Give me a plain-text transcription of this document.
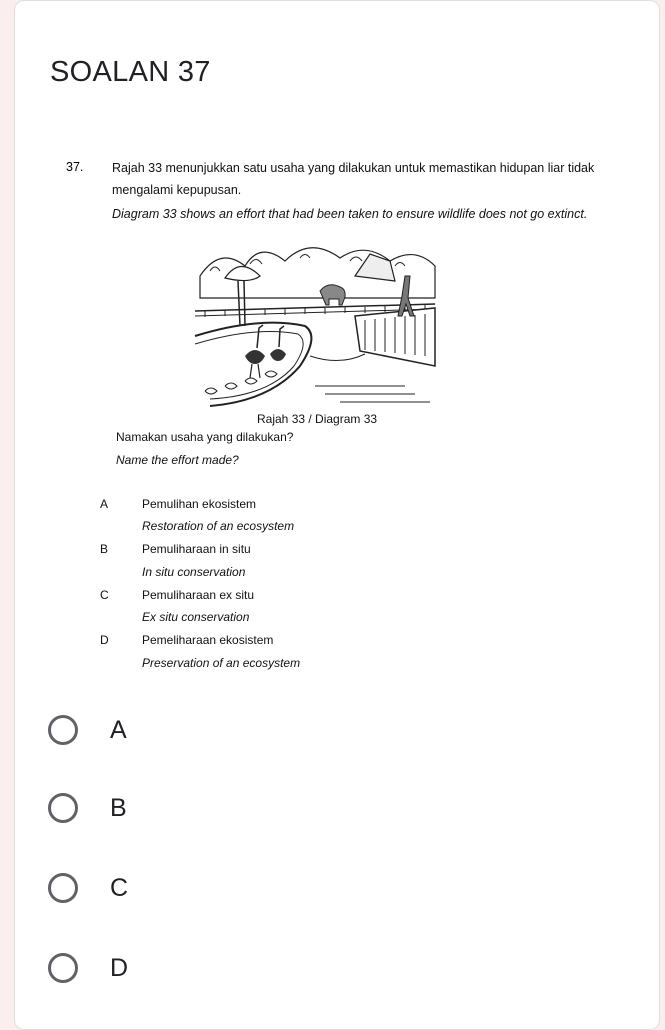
SOALAN 37
37. Rajah 33 menunjukkan satu usaha yang dilakukan untuk memastikan hidupan liar tidak
mengalami kepupusan.
Diagram 33 shows an effort that had been taken to ensure wildlife does not go extinct.
Rajah 33 / Diagram 33
Namakan usaha yang dilakukan?
Name the effort made?
A	Pemulihan ekosistem
Restoration of an ecosystem
B	Pemuliharaan in situ
In situ conservation
C	Pemuliharaan ex situ
Ex situ conservation
D	Pemeliharaan ekosistem
Preservation of an ecosystem
A
B
C
D
